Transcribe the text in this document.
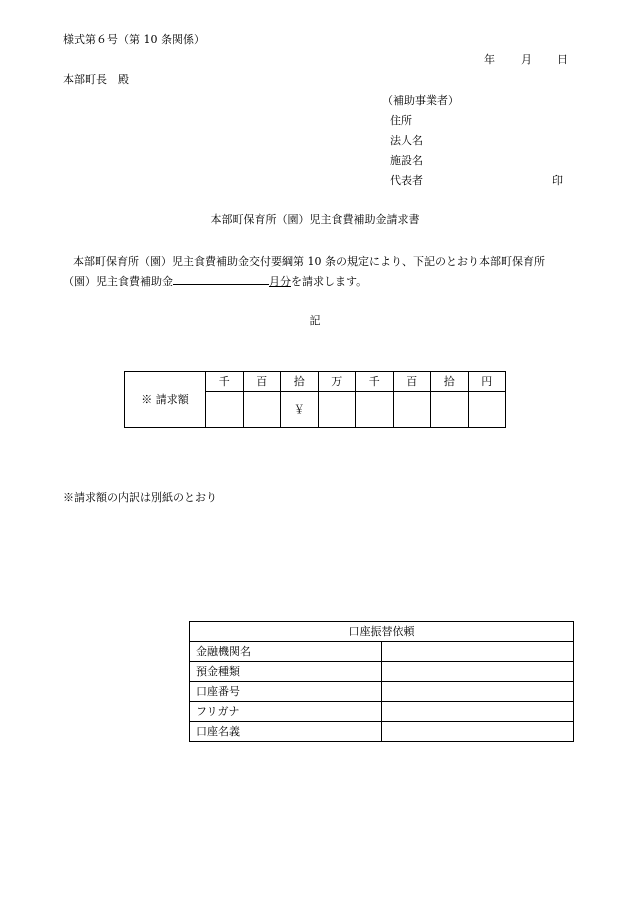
様式第６号（第 10 条関係）
年 月 日
本部町長　殿
（補助事業者）
住所
法人名
施設名
代表者	印
本部町保育所（園）児主食費補助金請求書
本部町保育所（園）児主食費補助金交付要綱第 10 条の規定により、下記のとおり本部町保育所
（園）児主食費補助金	月分を請求します。
記
※ 請求額	千	百	拾	万	千	百	拾	円
			￥					
※請求額の内訳は別紙のとおり
口座振替依頼	
金融機関名	
預金種類	
口座番号	
フリガナ	
口座名義	
